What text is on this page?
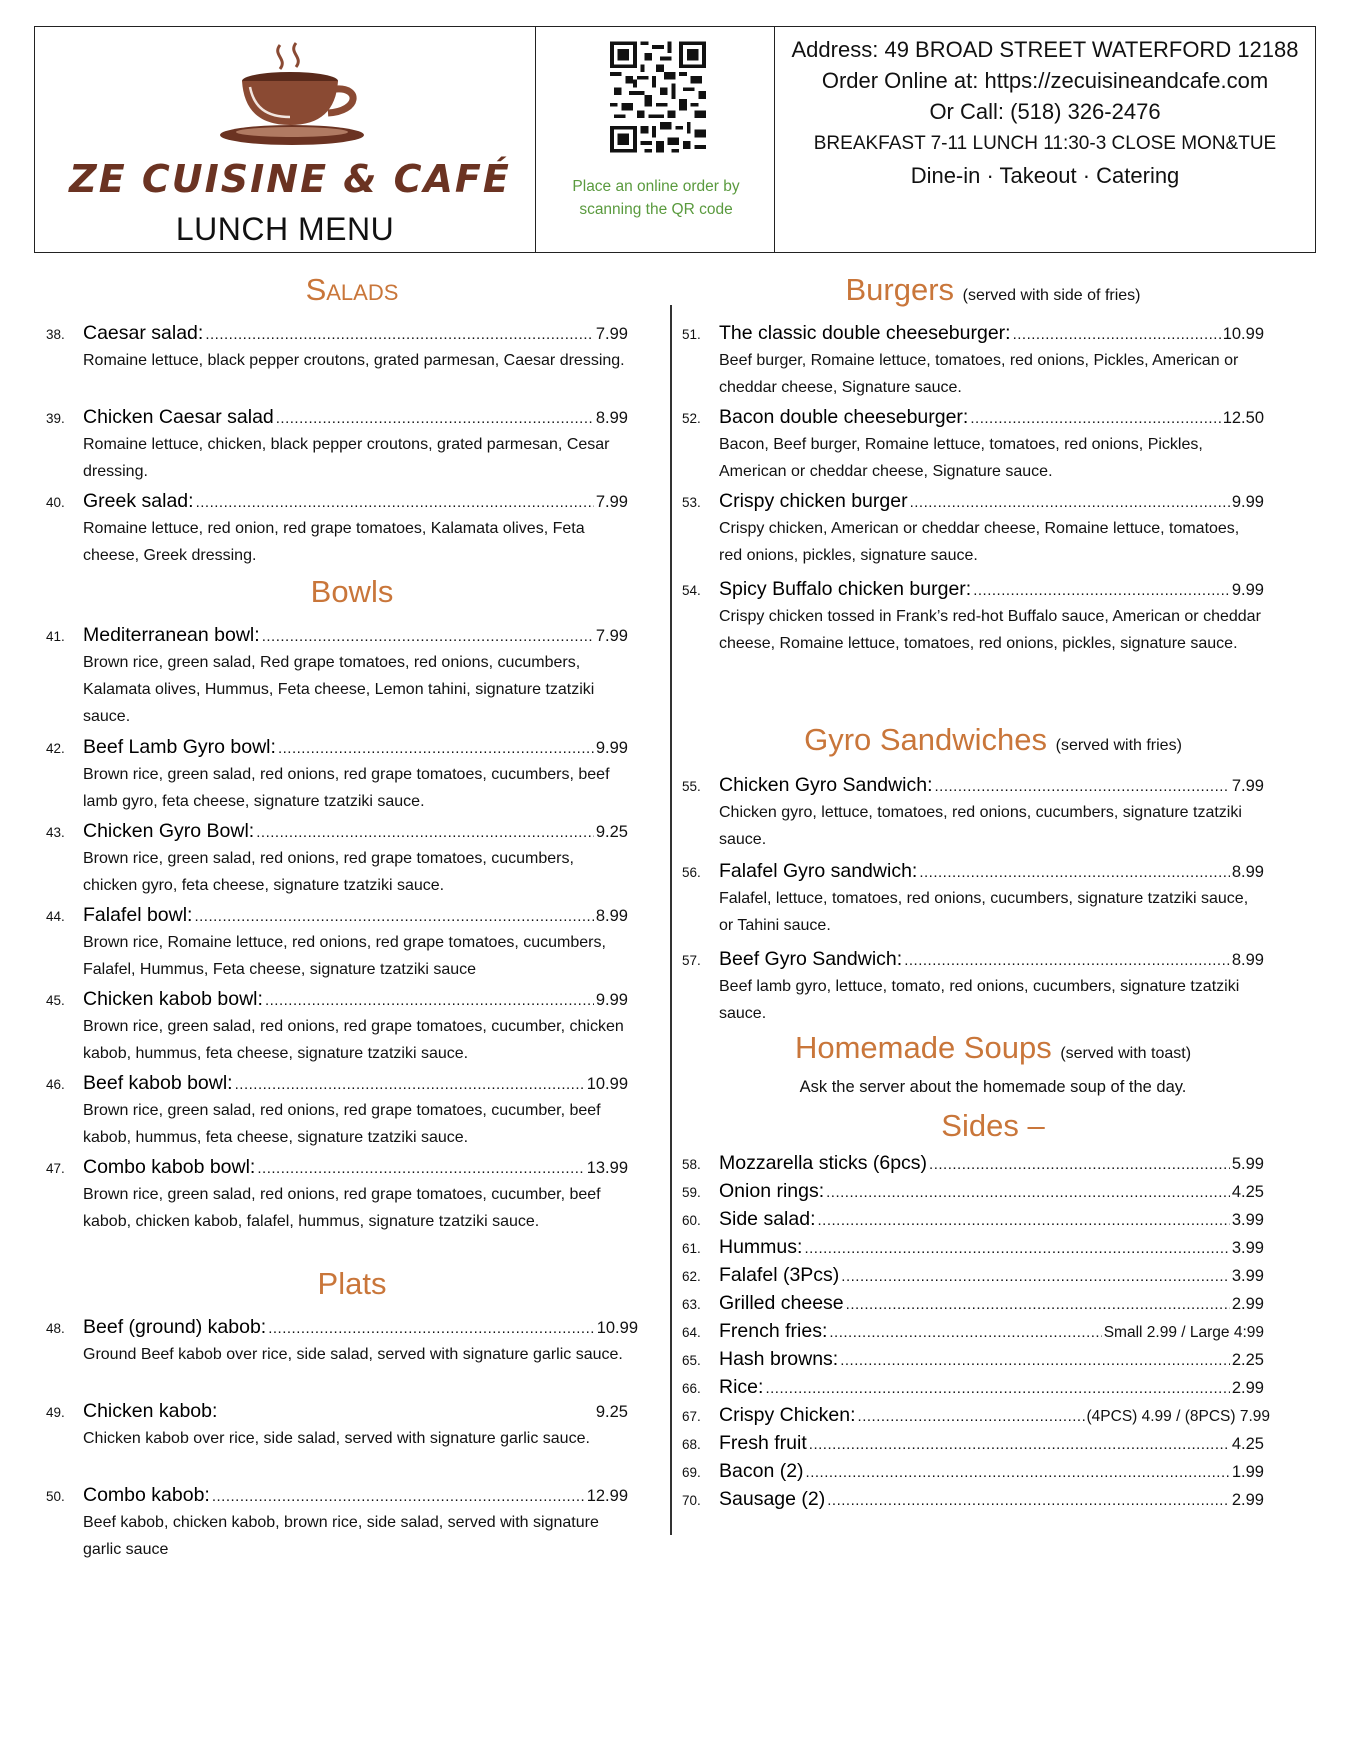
ZE CUISINE & CAFÉ
LUNCH MENU
Place an online order by
scanning the QR code
Address: 49 BROAD STREET WATERFORD 12188
Order Online at: https://zecuisineandcafe.com
Or Call: (518) 326-2476
BREAKFAST 7-11 LUNCH 11:30-3 CLOSE MON&TUE
Dine-in · Takeout · Catering
Salads
38. Caesar salad: .....	7.99
Romaine lettuce, black pepper croutons, grated parmesan, Caesar dressing.
39. Chicken Caesar salad .....	8.99
Romaine lettuce, chicken, black pepper croutons, grated parmesan, Cesar dressing.
40. Greek salad: .....	7.99
Romaine lettuce, red onion, red grape tomatoes, Kalamata olives, Feta cheese, Greek dressing.
Bowls
41. Mediterranean bowl: .....	7.99
Brown rice, green salad, Red grape tomatoes, red onions, cucumbers, Kalamata olives, Hummus, Feta cheese, Lemon tahini, signature tzatziki sauce.
42. Beef Lamb Gyro bowl: .....	9.99
Brown rice, green salad, red onions, red grape tomatoes, cucumbers, beef lamb gyro, feta cheese, signature tzatziki sauce.
43. Chicken Gyro Bowl: .....	9.25
Brown rice, green salad, red onions, red grape tomatoes, cucumbers, chicken gyro, feta cheese, signature tzatziki sauce.
44. Falafel bowl: .....	8.99
Brown rice, Romaine lettuce, red onions, red grape tomatoes, cucumbers, Falafel, Hummus, Feta cheese, signature tzatziki sauce
45. Chicken kabob bowl: .....	9.99
Brown rice, green salad, red onions, red grape tomatoes, cucumber, chicken kabob, hummus, feta cheese, signature tzatziki sauce.
46. Beef kabob bowl: .....	10.99
Brown rice, green salad, red onions, red grape tomatoes, cucumber, beef kabob, hummus, feta cheese, signature tzatziki sauce.
47. Combo kabob bowl: .....	13.99
Brown rice, green salad, red onions, red grape tomatoes, cucumber, beef kabob, chicken kabob, falafel, hummus, signature tzatziki sauce.
Plats
48. Beef (ground) kabob: .....	10.99
Ground Beef kabob over rice, side salad, served with signature garlic sauce.
49. Chicken kabob:	9.25
Chicken kabob over rice, side salad, served with signature garlic sauce.
50. Combo kabob: .....	12.99
Beef kabob, chicken kabob, brown rice, side salad, served with signature garlic sauce
Burgers (served with side of fries)
51. The classic double cheeseburger: .....	10.99
Beef burger, Romaine lettuce, tomatoes, red onions, Pickles, American or cheddar cheese, Signature sauce.
52. Bacon double cheeseburger: .....	12.50
Bacon, Beef burger, Romaine lettuce, tomatoes, red onions, Pickles, American or cheddar cheese, Signature sauce.
53. Crispy chicken burger .....	9.99
Crispy chicken, American or cheddar cheese, Romaine lettuce, tomatoes, red onions, pickles, signature sauce.
54. Spicy Buffalo chicken burger: .....	9.99
Crispy chicken tossed in Frank’s red-hot Buffalo sauce, American or cheddar cheese, Romaine lettuce, tomatoes, red onions, pickles, signature sauce.
Gyro Sandwiches (served with fries)
55. Chicken Gyro Sandwich: .....	7.99
Chicken gyro, lettuce, tomatoes, red onions, cucumbers, signature tzatziki sauce.
56. Falafel Gyro sandwich: .....	8.99
Falafel, lettuce, tomatoes, red onions, cucumbers, signature tzatziki sauce, or Tahini sauce.
57. Beef Gyro Sandwich: .....	8.99
Beef lamb gyro, lettuce, tomato, red onions, cucumbers, signature tzatziki sauce.
Homemade Soups (served with toast)
Ask the server about the homemade soup of the day.
Sides –
58. Mozzarella sticks (6pcs) .....	5.99
59. Onion rings: .....	4.25
60. Side salad: .....	3.99
61. Hummus: .....	3.99
62. Falafel (3Pcs) .....	3.99
63. Grilled cheese .....	2.99
64. French fries: .....	Small 2.99 / Large 4:99
65. Hash browns: .....	2.25
66. Rice: .....	2.99
67. Crispy Chicken: .....	(4PCS) 4.99 / (8PCS) 7.99
68. Fresh fruit .....	4.25
69. Bacon (2) .....	1.99
70. Sausage (2) .....	2.99
